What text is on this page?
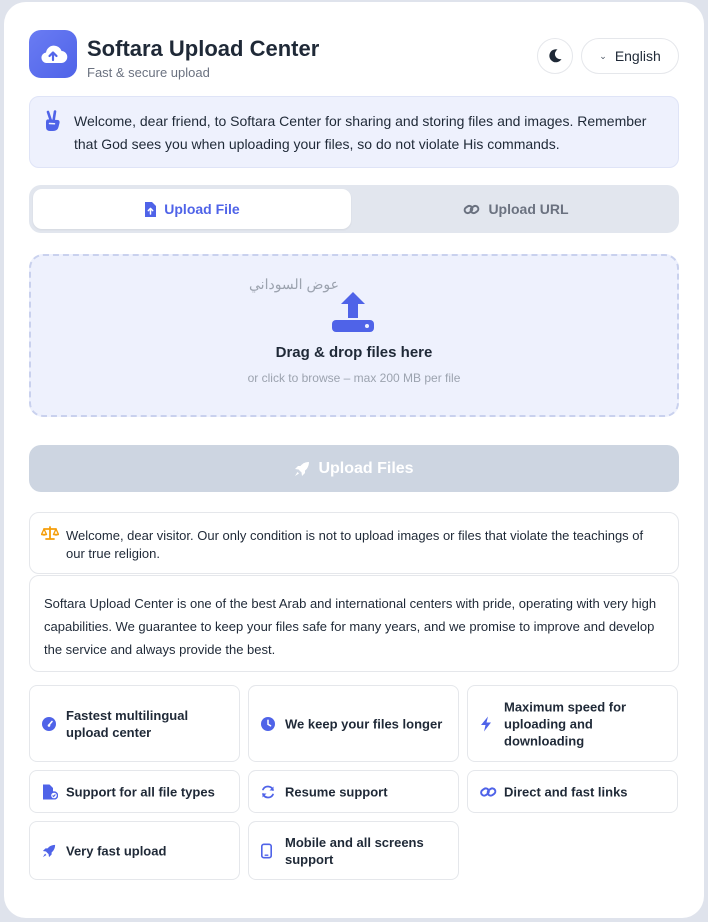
Softara Upload Center
Fast & secure upload
⌄ English

Welcome, dear friend, to Softara Center for sharing and storing files and images. Remember that God sees you when uploading your files, so do not violate His commands.

Upload File	Upload URL
عوض السوداني
Drag & drop files here
or click to browse – max 200 MB per file
Upload Files

Welcome, dear visitor. Our only condition is not to upload images or files that violate the teachings of our true religion.

Softara Upload Center is one of the best Arab and international centers with pride, operating with very high capabilities. We guarantee to keep your files safe for many years, and we promise to improve and develop the service and always provide the best.

Fastest multilingual upload center
We keep your files longer
Maximum speed for uploading and downloading
Support for all file types	Resume support	Direct and fast links
Very fast upload
Mobile and all screens support
